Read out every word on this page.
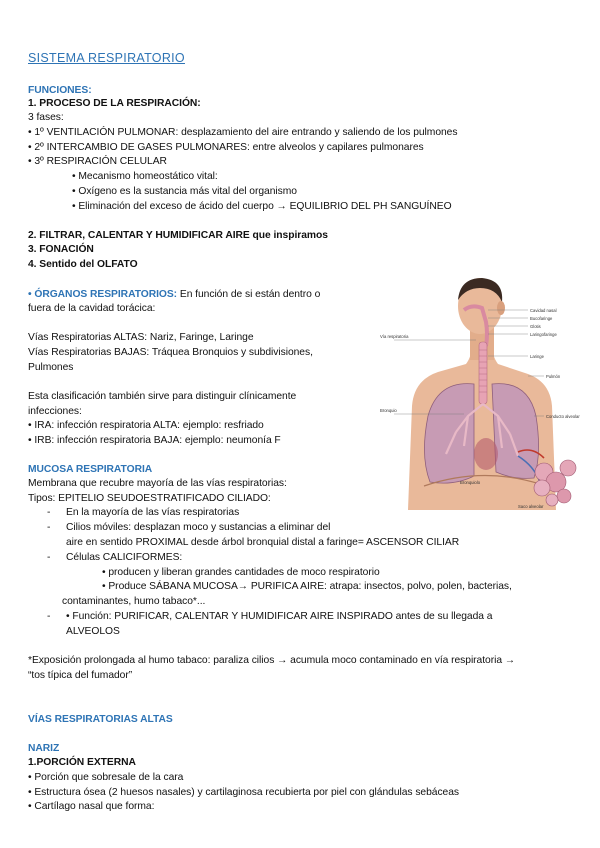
SISTEMA RESPIRATORIO
FUNCIONES:
1. PROCESO DE LA RESPIRACIÓN:
3 fases:
• 1º VENTILACIÓN PULMONAR: desplazamiento del aire entrando y saliendo de los pulmones
• 2º INTERCAMBIO DE GASES PULMONARES: entre alveolos y capilares pulmonares
• 3º RESPIRACIÓN CELULAR
• Mecanismo homeostático vital:
• Oxígeno es la sustancia más vital del organismo
• Eliminación del exceso de ácido del cuerpo → EQUILIBRIO DEL PH SANGUÍNEO
2. FILTRAR, CALENTAR Y HUMIDIFICAR AIRE que inspiramos
3. FONACIÓN
4. Sentido del OLFATO
• ÓRGANOS RESPIRATORIOS: En función de si están dentro o
fuera de la cavidad torácica:
Vías Respiratorias ALTAS: Nariz, Faringe, Laringe
Vías Respiratorias BAJAS: Tráquea Bronquios y subdivisiones,
Pulmones
Esta clasificación también sirve para distinguir clínicamente
infecciones:
• IRA: infección respiratoria ALTA: ejemplo: resfriado
• IRB: infección respiratoria BAJA: ejemplo: neumonía F
MUCOSA RESPIRATORIA
Membrana que recubre mayoría de las vías respiratorias:
Tipos: EPITELIO SEUDOESTRATIFICADO CILIADO:
- En la mayoría de las vías respiratorias
- Cilios móviles: desplazan moco y sustancias a eliminar del
aire en sentido PROXIMAL desde árbol bronquial distal a faringe= ASCENSOR CILIAR
- Células CALICIFORMES:
• producen y liberan grandes cantidades de moco respiratorio
• Produce SÁBANA MUCOSA→ PURIFICA AIRE: atrapa: insectos, polvo, polen, bacterias,
contaminantes, humo tabaco*...
- • Función: PURIFICAR, CALENTAR Y HUMIDIFICAR AIRE INSPIRADO antes de su llegada a
ALVEOLOS
*Exposición prolongada al humo tabaco: paraliza cilios → acumula moco contaminado en vía respiratoria →
“tos típica del fumador”
VÍAS RESPIRATORIAS ALTAS
NARIZ
1.PORCIÓN EXTERNA
• Porción que sobresale de la cara
• Estructura ósea (2 huesos nasales) y cartilaginosa recubierta por piel con glándulas sebáceas
• Cartílago nasal que forma:
Vía respiratoria
Bronquio
Cavidad nasal
Bucofaringe
Glotis
Laringofaringe
Laringe
Pulmón
Conducto alveolar
Bronquiolo
Saco alveolar
